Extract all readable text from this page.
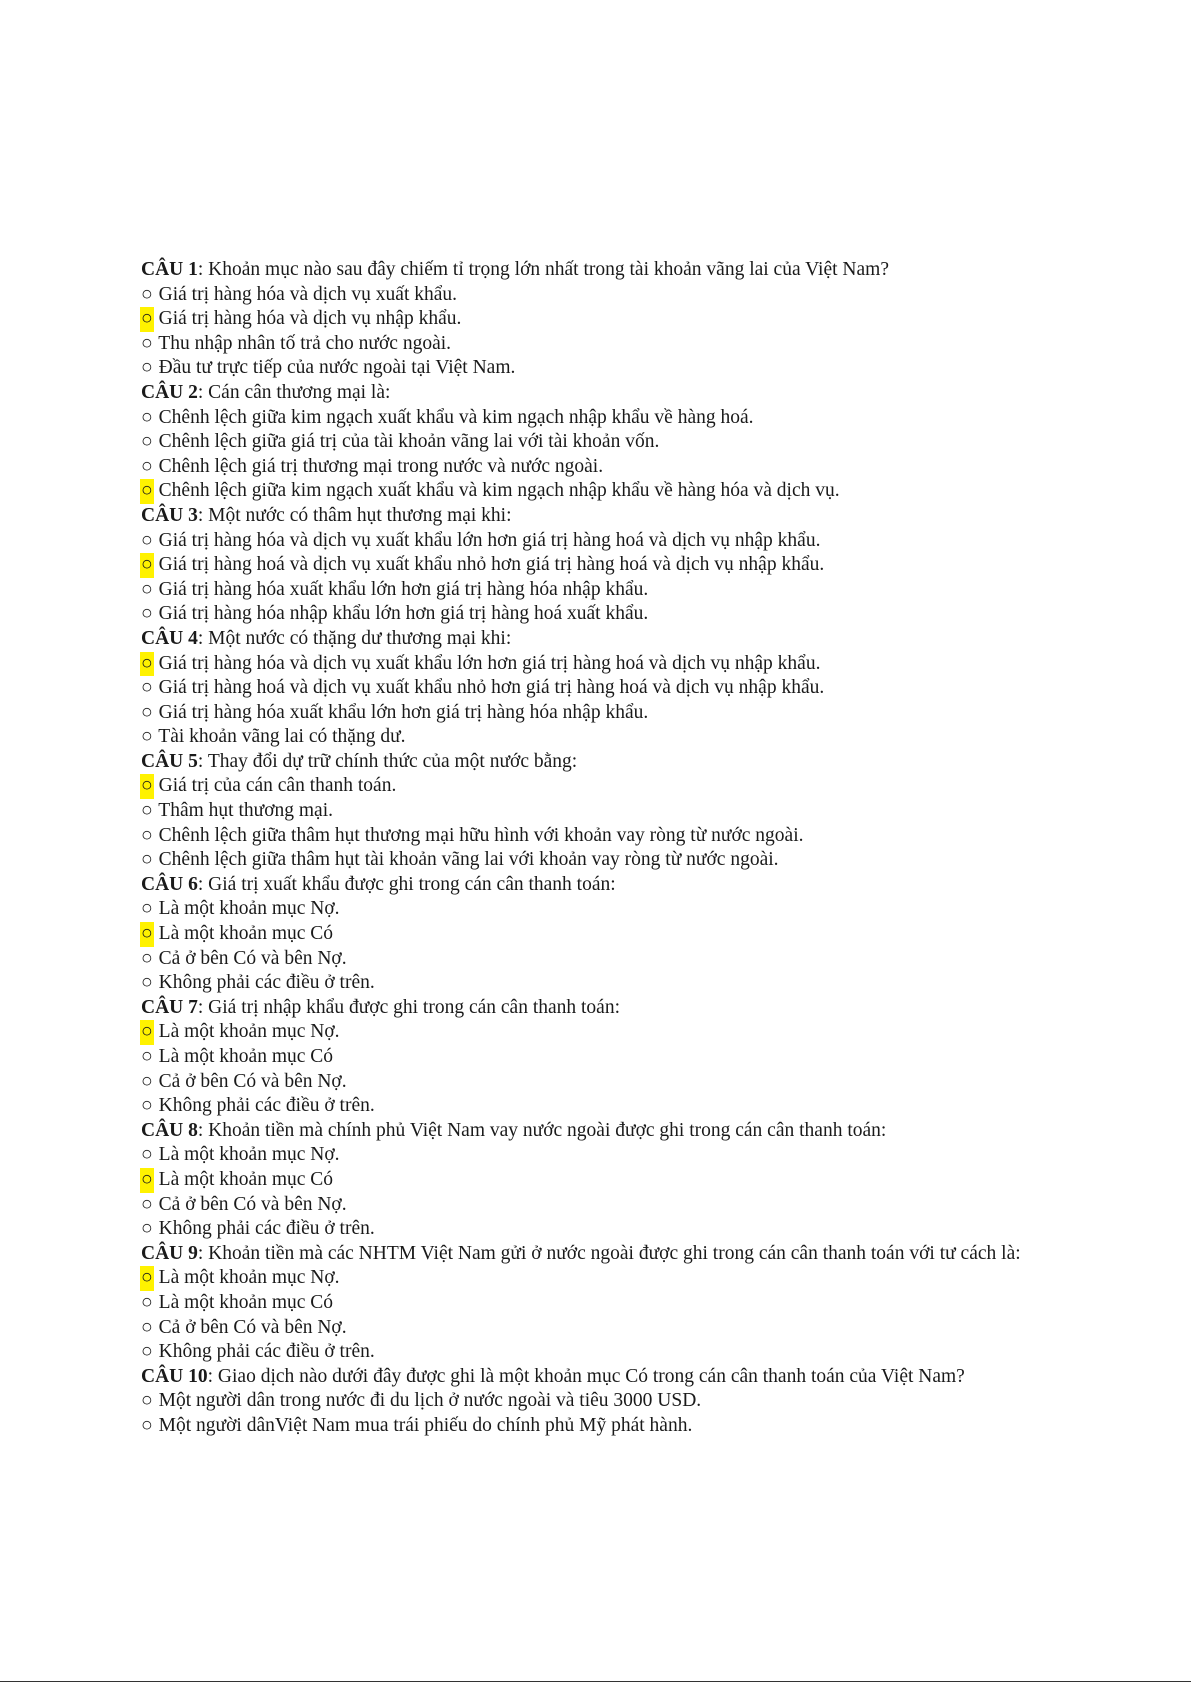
CÂU 1: Khoản mục nào sau đây chiếm tỉ trọng lớn nhất trong tài khoản vãng lai của Việt Nam?
○ Giá trị hàng hóa và dịch vụ xuất khẩu.
○ Giá trị hàng hóa và dịch vụ nhập khẩu.
○ Thu nhập nhân tố trả cho nước ngoài.
○ Đầu tư trực tiếp của nước ngoài tại Việt Nam.
CÂU 2: Cán cân thương mại là:
○ Chênh lệch giữa kim ngạch xuất khẩu và kim ngạch nhập khẩu về hàng hoá.
○ Chênh lệch giữa giá trị của tài khoản vãng lai với tài khoản vốn.
○ Chênh lệch giá trị thương mại trong nước và nước ngoài.
○ Chênh lệch giữa kim ngạch xuất khẩu và kim ngạch nhập khẩu về hàng hóa và dịch vụ.
CÂU 3: Một nước có thâm hụt thương mại khi:
○ Giá trị hàng hóa và dịch vụ xuất khẩu lớn hơn giá trị hàng hoá và dịch vụ nhập khẩu.
○ Giá trị hàng hoá và dịch vụ xuất khẩu nhỏ hơn giá trị hàng hoá và dịch vụ nhập khẩu.
○ Giá trị hàng hóa xuất khẩu lớn hơn giá trị hàng hóa nhập khẩu.
○ Giá trị hàng hóa nhập khẩu lớn hơn giá trị hàng hoá xuất khẩu.
CÂU 4: Một nước có thặng dư thương mại khi:
○ Giá trị hàng hóa và dịch vụ xuất khẩu lớn hơn giá trị hàng hoá và dịch vụ nhập khẩu.
○ Giá trị hàng hoá và dịch vụ xuất khẩu nhỏ hơn giá trị hàng hoá và dịch vụ nhập khẩu.
○ Giá trị hàng hóa xuất khẩu lớn hơn giá trị hàng hóa nhập khẩu.
○ Tài khoản vãng lai có thặng dư.
CÂU 5: Thay đổi dự trữ chính thức của một nước bằng:
○ Giá trị của cán cân thanh toán.
○ Thâm hụt thương mại.
○ Chênh lệch giữa thâm hụt thương mại hữu hình với khoản vay ròng từ nước ngoài.
○ Chênh lệch giữa thâm hụt tài khoản vãng lai với khoản vay ròng từ nước ngoài.
CÂU 6: Giá trị xuất khẩu được ghi trong cán cân thanh toán:
○ Là một khoản mục Nợ.
○ Là một khoản mục Có
○ Cả ở bên Có và bên Nợ.
○ Không phải các điều ở trên.
CÂU 7: Giá trị nhập khẩu được ghi trong cán cân thanh toán:
○ Là một khoản mục Nợ.
○ Là một khoản mục Có
○ Cả ở bên Có và bên Nợ.
○ Không phải các điều ở trên.
CÂU 8: Khoản tiền mà chính phủ Việt Nam vay nước ngoài được ghi trong cán cân thanh toán:
○ Là một khoản mục Nợ.
○ Là một khoản mục Có
○ Cả ở bên Có và bên Nợ.
○ Không phải các điều ở trên.
CÂU 9: Khoản tiền mà các NHTM Việt Nam gửi ở nước ngoài được ghi trong cán cân thanh toán với tư cách là:
○ Là một khoản mục Nợ.
○ Là một khoản mục Có
○ Cả ở bên Có và bên Nợ.
○ Không phải các điều ở trên.
CÂU 10: Giao dịch nào dưới đây được ghi là một khoản mục Có trong cán cân thanh toán của Việt Nam?
○ Một người dân trong nước đi du lịch ở nước ngoài và tiêu 3000 USD.
○ Một người dânViệt Nam mua trái phiếu do chính phủ Mỹ phát hành.
